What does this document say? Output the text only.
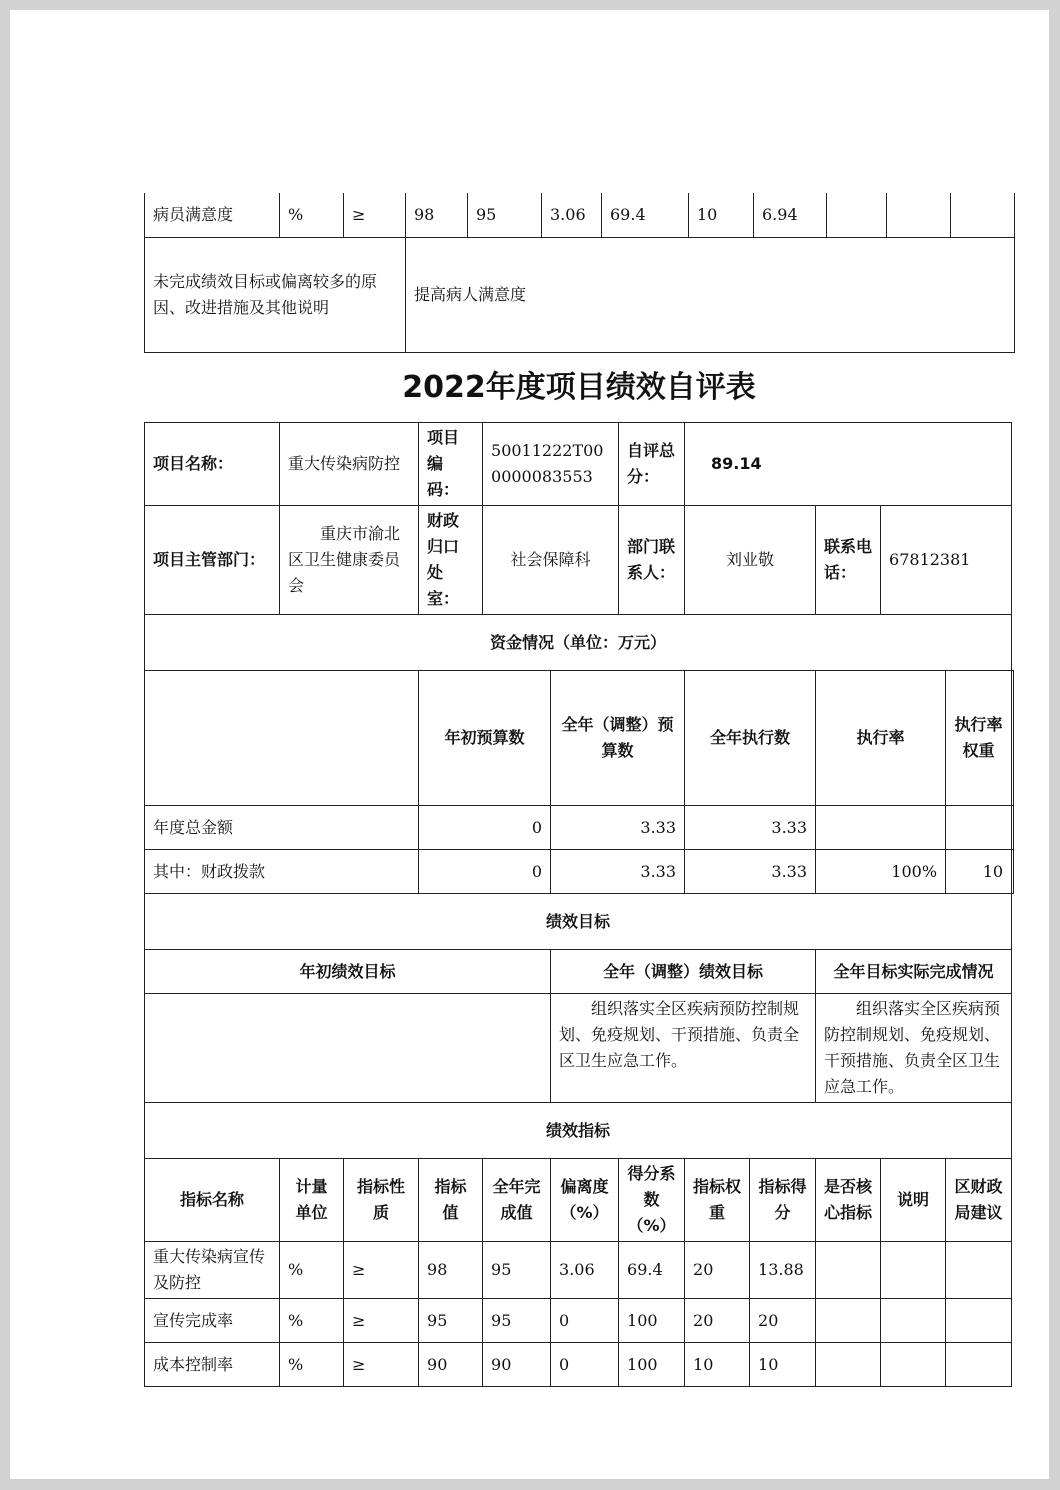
病员满意度	%	≥	98	95	3.06	69.4	10	6.94			
未完成绩效目标或偏离较多的原因、改进措施及其他说明			提高病人满意度								
2022年度项目绩效自评表
项目名称：	重大传染病防控		项目编码：	50011222T000000083553		自评总分：	89.14					
项目主管部门：	重庆市渝北区卫生健康委员会		财政归口处室：	社会保障科		部门联系人：	刘业敬		联系电话：	67812381		
资金情况（单位：万元）												
			年初预算数		全年（调整）预算数		全年执行数		执行率		执行率权重	
年度总金额			0		3.33		3.33					
其中：财政拨款			0		3.33		3.33		100%		10	
绩效目标												
年初绩效目标					全年（调整）绩效目标				全年目标实际完成情况			
					组织落实全区疾病预防控制规划、免疫规划、干预措施、负责全区卫生应急工作。				组织落实全区疾病预防控制规划、免疫规划、干预措施、负责全区卫生应急工作。			
绩效指标												
指标名称	计量单位	指标性质	指标值	全年完成值	偏离度（%）	得分系数（%）	指标权重	指标得分	是否核心指标	说明	区财政局建议	
重大传染病宣传及防控	%	≥	98	95	3.06	69.4	20	13.88				
宣传完成率	%	≥	95	95	0	100	20	20				
成本控制率	%	≥	90	90	0	100	10	10				
